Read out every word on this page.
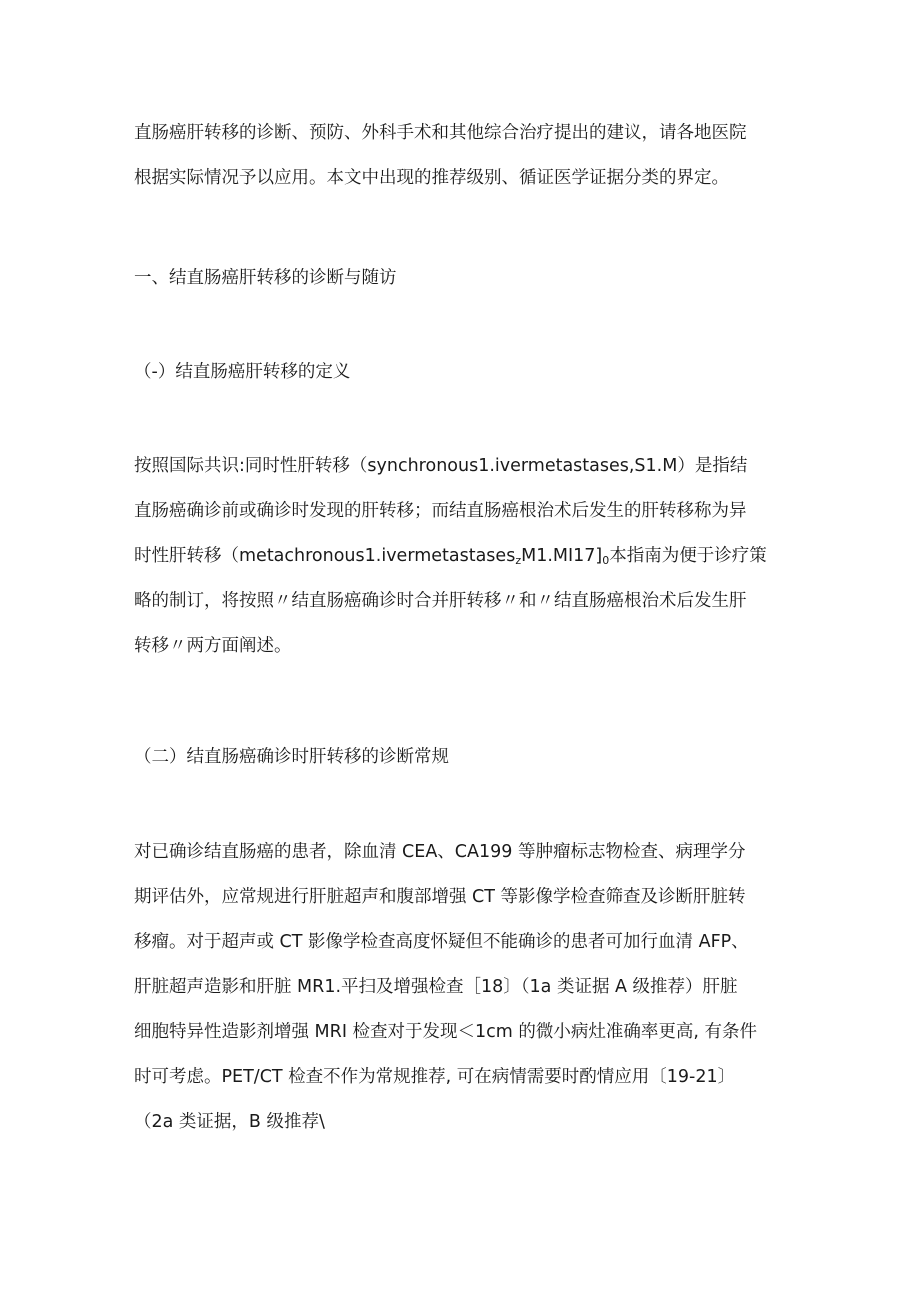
直肠癌肝转移的诊断、预防、外科手术和其他综合治疗提出的建议，请各地医院
根据实际情况予以应用。本文中出现的推荐级别、循证医学证据分类的界定。
一、结直肠癌肝转移的诊断与随访
（-）结直肠癌肝转移的定义
按照国际共识:同时性肝转移（synchronous1.ivermetastases,S1.M）是指结
直肠癌确诊前或确诊时发现的肝转移；而结直肠癌根治术后发生的肝转移称为异
时性肝转移$(metachronous1.ivermetastases_zM1.MI17]_0$本指南为便于诊疗策
略的制订，将按照〃结直肠癌确诊时合并肝转移〃和〃结直肠癌根治术后发生肝
转移〃两方面阐述。
（二）结直肠癌确诊时肝转移的诊断常规
对已确诊结直肠癌的患者，除血清 CEA、CA199 等肿瘤标志物检查、病理学分
期评估外，应常规进行肝脏超声和腹部增强 CT 等影像学检查筛查及诊断肝脏转
移瘤。对于超声或 CT 影像学检查高度怀疑但不能确诊的患者可加行血清 AFP、
肝脏超声造影和肝脏 MR1.平扫及增强检查［18〕（1a 类证据 A 级推荐）肝脏
细胞特异性造影剂增强 MRI 检查对于发现＜1cm 的微小病灶准确率更高, 有条件
时可考虑。PET/CT 检查不作为常规推荐, 可在病情需要时酌情应用〔19-21〕
（2a 类证据，B 级推荐\
